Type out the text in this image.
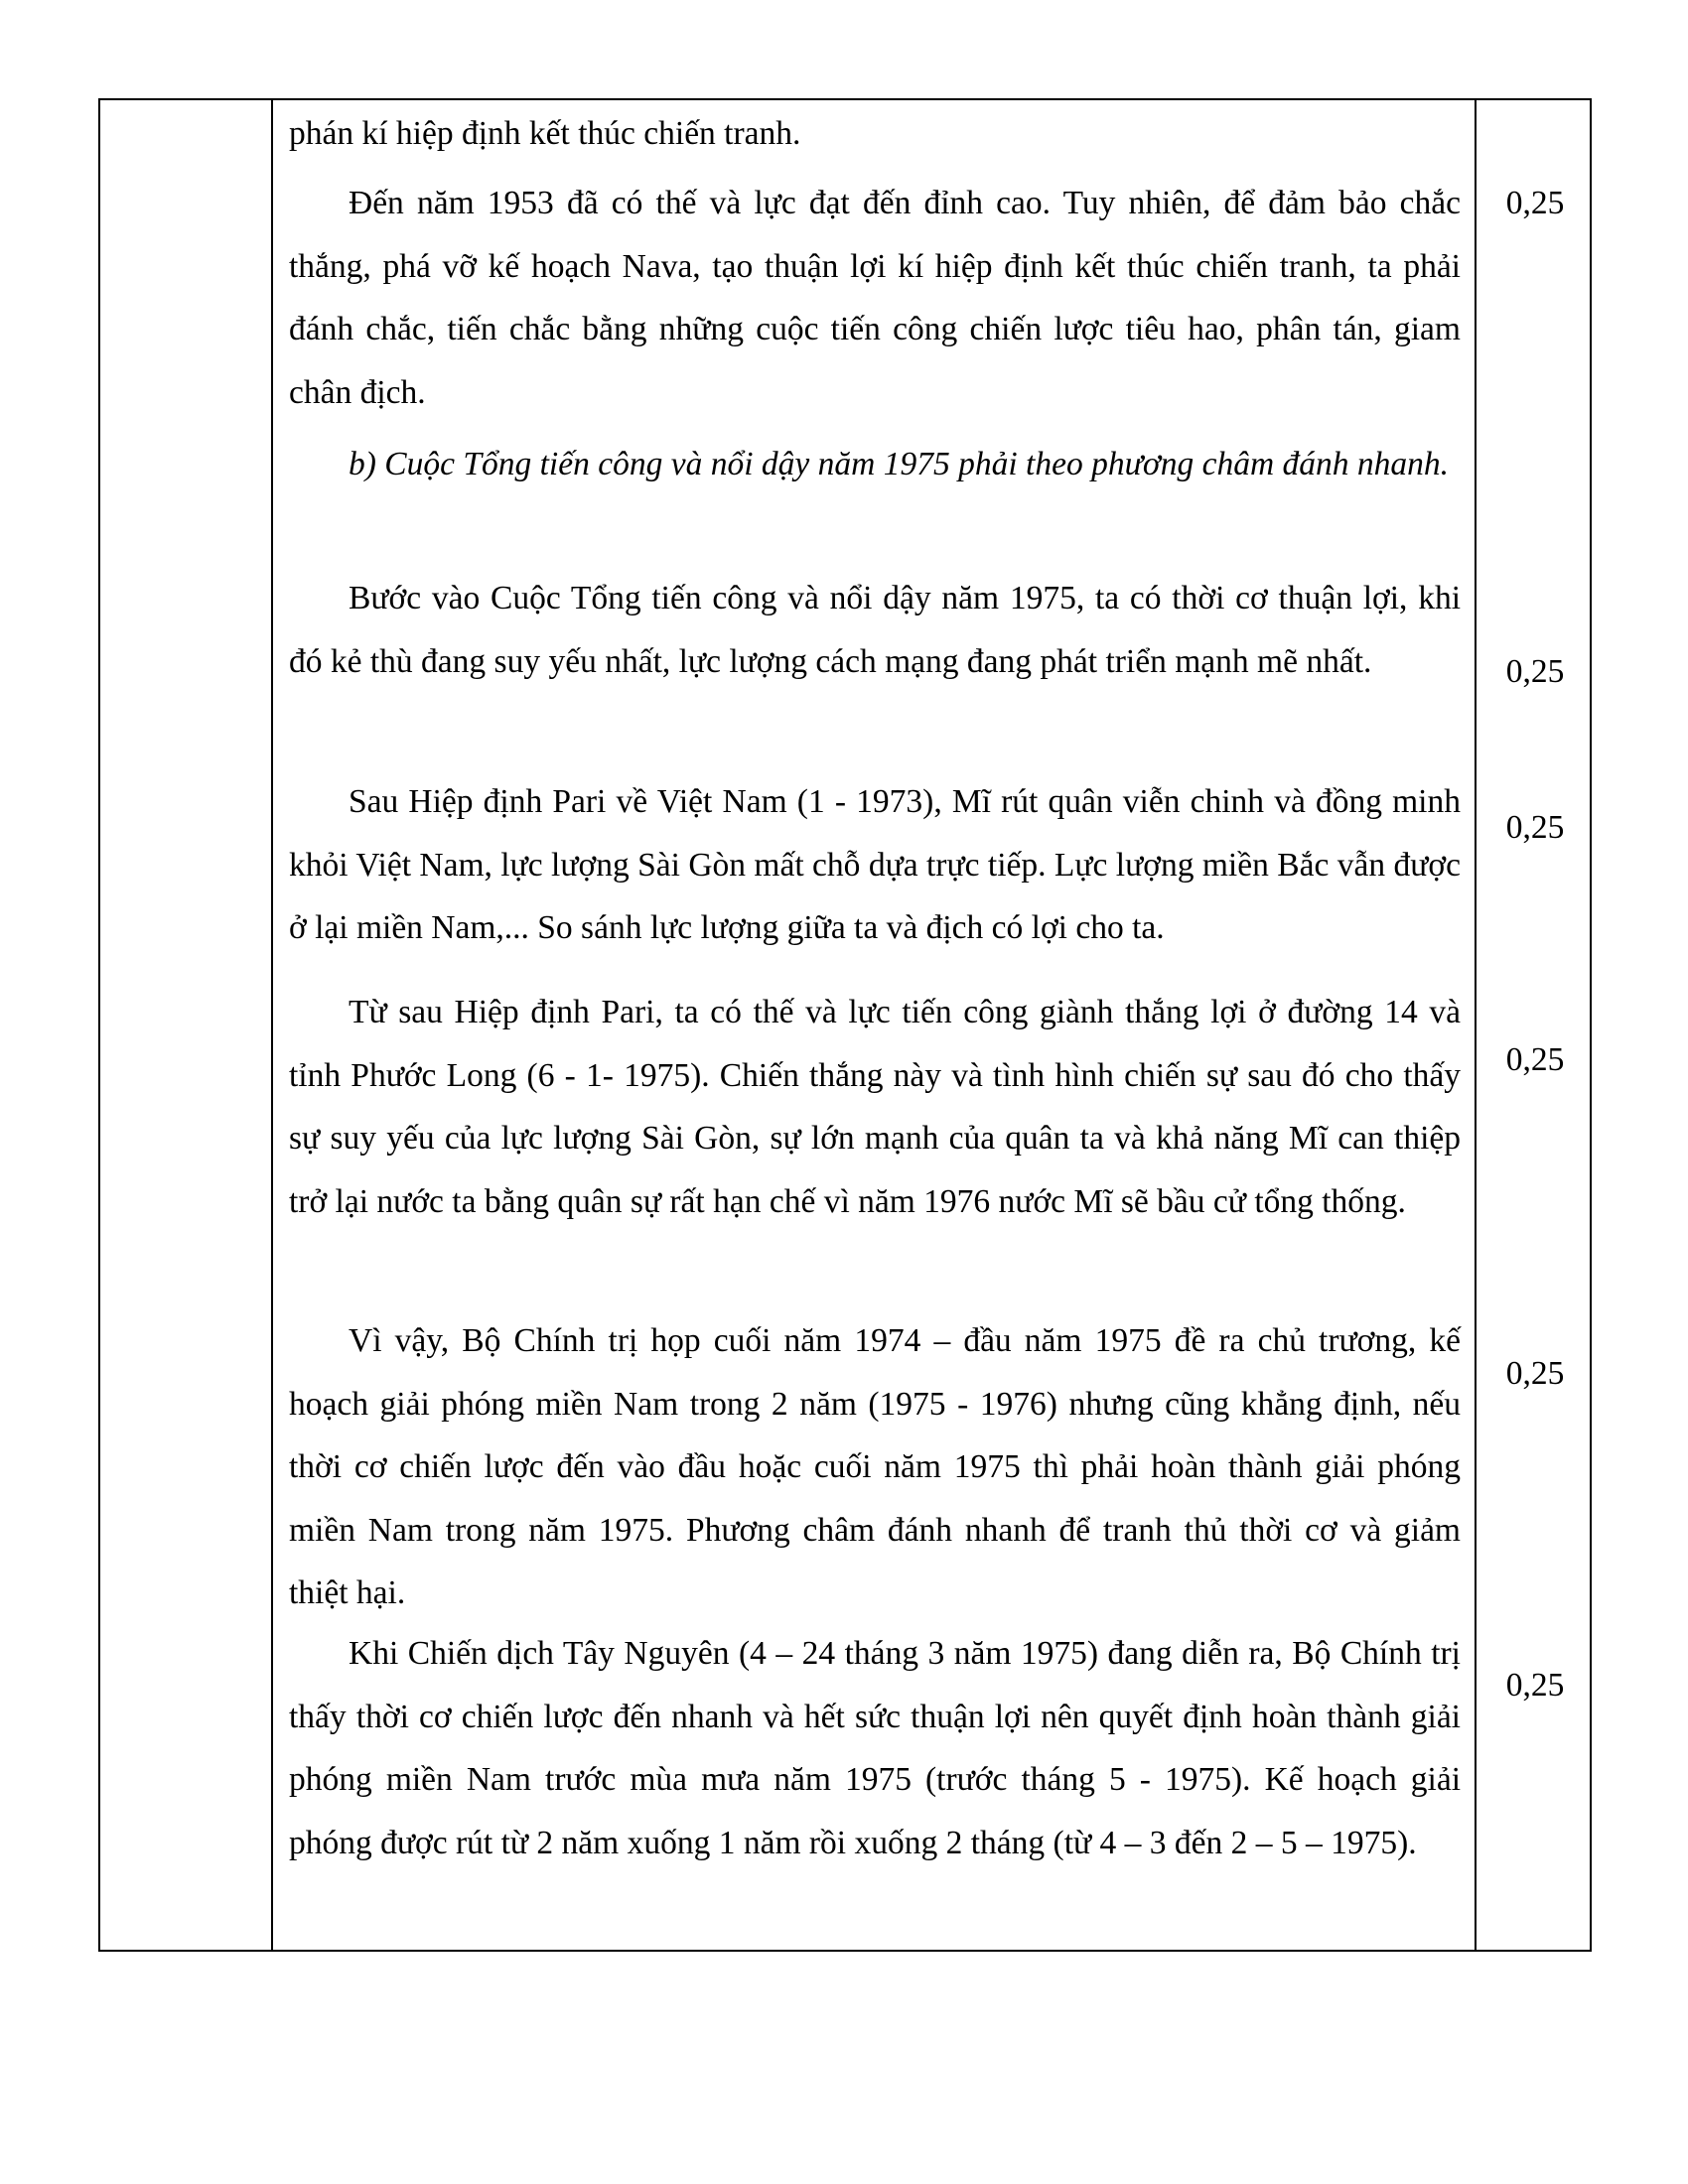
phán kí hiệp định kết thúc chiến tranh.

Đến năm 1953 đã có thế và lực đạt đến đỉnh cao. Tuy nhiên, để đảm bảo chắc thắng, phá vỡ kế hoạch Nava, tạo thuận lợi kí hiệp định kết thúc chiến tranh, ta phải đánh chắc, tiến chắc bằng những cuộc tiến công chiến lược tiêu hao, phân tán, giam chân địch.

b) Cuộc Tổng tiến công và nổi dậy năm 1975 phải theo phương châm đánh nhanh.

Bước vào Cuộc Tổng tiến công và nổi dậy năm 1975, ta có thời cơ thuận lợi, khi đó kẻ thù đang suy yếu nhất, lực lượng cách mạng đang phát triển mạnh mẽ nhất.

Sau Hiệp định Pari về Việt Nam (1 - 1973), Mĩ rút quân viễn chinh và đồng minh khỏi Việt Nam, lực lượng Sài Gòn mất chỗ dựa trực tiếp. Lực lượng miền Bắc vẫn được ở lại miền Nam,... So sánh lực lượng giữa ta và địch có lợi cho ta.

Từ sau Hiệp định Pari, ta có thế và lực tiến công giành thắng lợi ở đường 14 và tỉnh Phước Long (6 - 1- 1975). Chiến thắng này và tình hình chiến sự sau đó cho thấy sự suy yếu của lực lượng Sài Gòn, sự lớn mạnh của quân ta và khả năng Mĩ can thiệp trở lại nước ta bằng quân sự rất hạn chế vì năm 1976 nước Mĩ sẽ bầu cử tổng thống.

Vì vậy, Bộ Chính trị họp cuối năm 1974 – đầu năm 1975 đề ra chủ trương, kế hoạch giải phóng miền Nam trong 2 năm (1975 - 1976) nhưng cũng khẳng định, nếu thời cơ chiến lược đến vào đầu hoặc cuối năm 1975 thì phải hoàn thành giải phóng miền Nam trong năm 1975. Phương châm đánh nhanh để tranh thủ thời cơ và giảm thiệt hại.

Khi Chiến dịch Tây Nguyên (4 – 24 tháng 3 năm 1975) đang diễn ra, Bộ Chính trị thấy thời cơ chiến lược đến nhanh và hết sức thuận lợi nên quyết định hoàn thành giải phóng miền Nam trước mùa mưa năm 1975 (trước tháng 5 - 1975). Kế hoạch giải phóng được rút từ 2 năm xuống 1 năm rồi xuống 2 tháng (từ 4 – 3 đến 2 – 5 – 1975).

0,25

0,25

0,25

0,25

0,25

0,25
